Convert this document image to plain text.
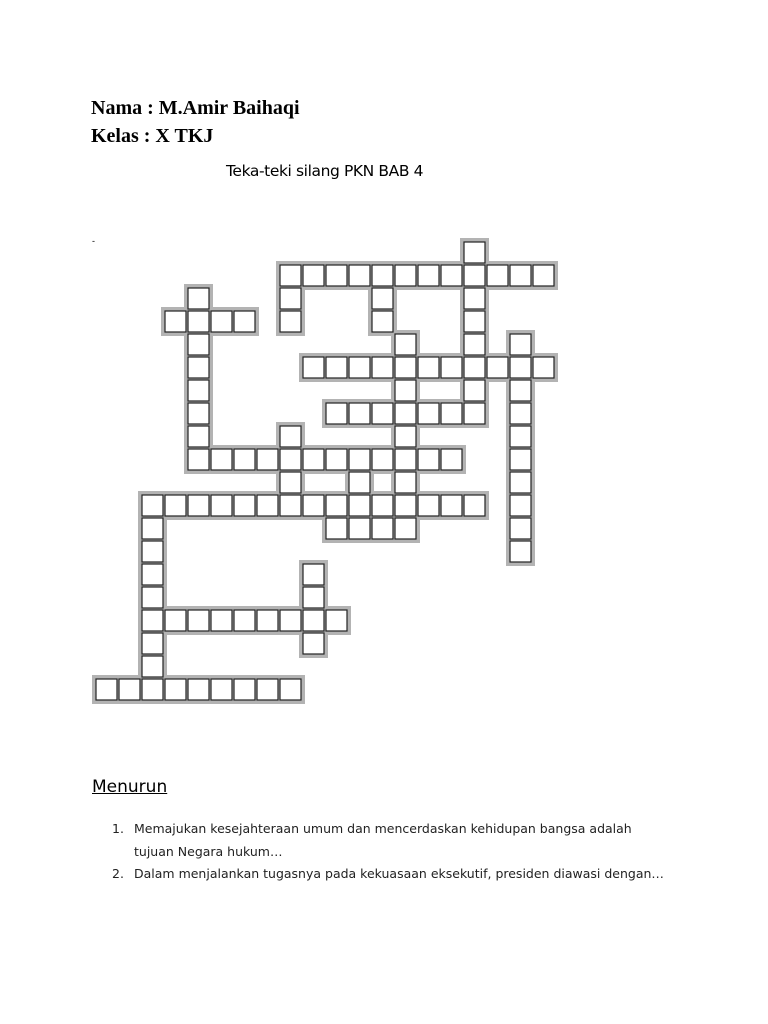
Nama : M.Amir Baihaqi
Kelas : X TKJ
Teka-teki silang PKN BAB 4
-
Menurun
1. Memajukan kesejahteraan umum dan mencerdaskan kehidupan bangsa adalah tujuan Negara hukum…
2. Dalam menjalankan tugasnya pada kekuasaan eksekutif, presiden diawasi dengan…
